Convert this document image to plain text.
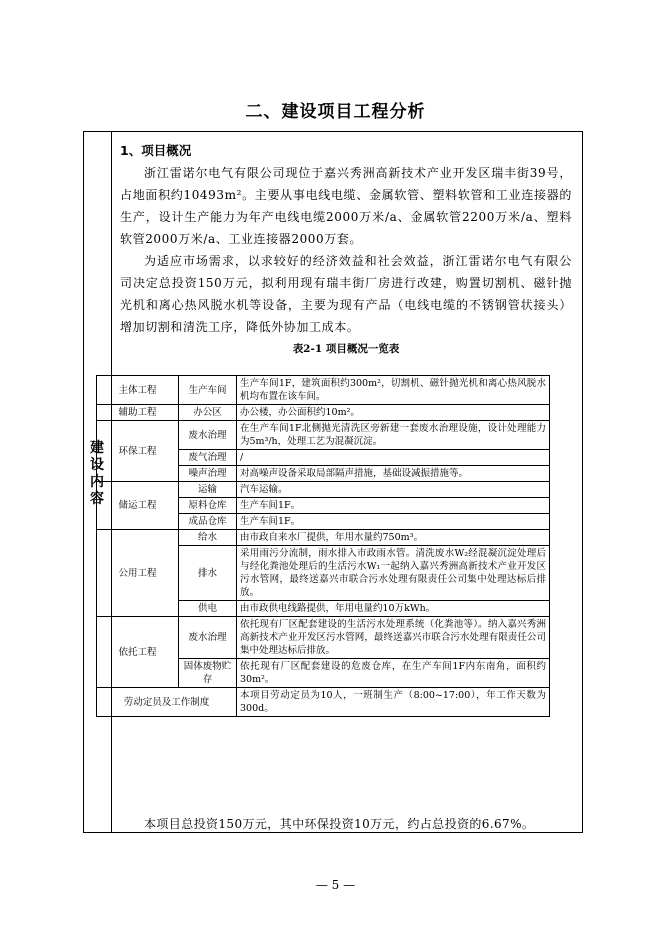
二、建设项目工程分析
建
设
内
容

1、项目概况

浙江雷诺尔电气有限公司现位于嘉兴秀洲高新技术产业开发区瑞丰街39号，占地面积约10493m²。主要从事电线电缆、金属软管、塑料软管和工业连接器的生产，设计生产能力为年产电线电缆2000万米/a、金属软管2200万米/a、塑料软管2000万米/a、工业连接器2000万套。

为适应市场需求，以求较好的经济效益和社会效益，浙江雷诺尔电气有限公司决定总投资150万元，拟利用现有瑞丰街厂房进行改建，购置切割机、磁针抛光机和离心热风脱水机等设备，主要为现有产品（电线电缆的不锈钢管状接头）增加切割和清洗工序，降低外协加工成本。

表2-1 项目概况一览表

主体工程	生产车间	生产车间1F，建筑面积约300m²，切割机、磁针抛光机和离心热风脱水机均布置在该车间。
辅助工程	办公区	办公楼，办公面积约10m²。
环保工程	废水治理	在生产车间1F北侧抛光清洗区旁新建一套废水治理设施，设计处理能力为5m³/h，处理工艺为混凝沉淀。
	废气治理	/
	噪声治理	对高噪声设备采取局部隔声措施，基础设减振措施等。
储运工程	运输	汽车运输。
	原料仓库	生产车间1F。
	成品仓库	生产车间1F。
公用工程	给水	由市政自来水厂提供，年用水量约750m³。
	排水	采用雨污分流制，雨水排入市政雨水管。清洗废水W₂经混凝沉淀处理后与经化粪池处理后的生活污水W₁一起纳入嘉兴秀洲高新技术产业开发区污水管网，最终送嘉兴市联合污水处理有限责任公司集中处理达标后排放。
	供电	由市政供电线路提供，年用电量约10万kWh。
依托工程	废水治理	依托现有厂区配套建设的生活污水处理系统（化粪池等）。纳入嘉兴秀洲高新技术产业开发区污水管网，最终送嘉兴市联合污水处理有限责任公司集中处理达标后排放。
	固体废物贮存	依托现有厂区配套建设的危废仓库，在生产车间1F内东南角，面积约30m²。
劳动定员及工作制度		本项目劳动定员为10人，一班制生产（8:00~17:00），年工作天数为300d。
本项目总投资150万元，其中环保投资10万元，约占总投资的6.67%。
— 5 —
